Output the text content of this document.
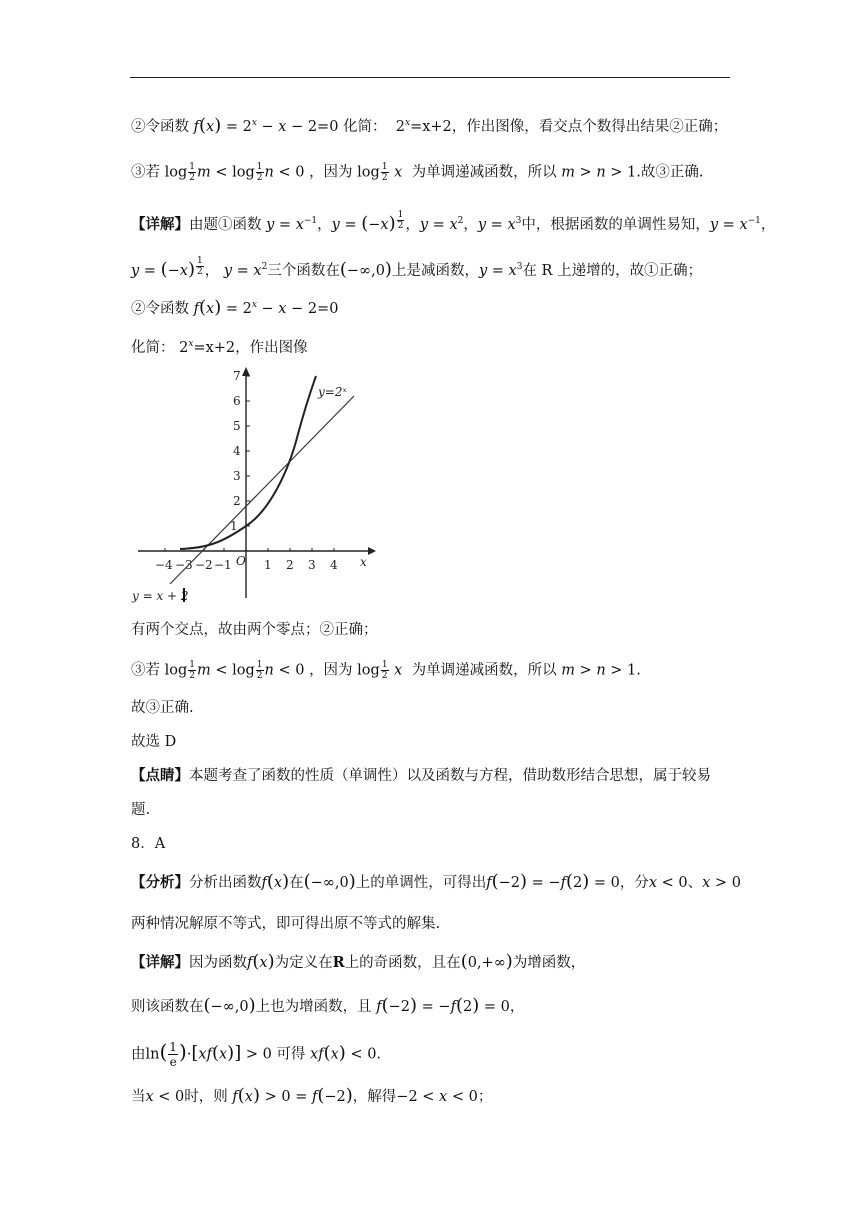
②令函数 $f(x) = 2^x - x - 2=0$ 化简：  $2^x=x+2$，作出图像，看交点个数得出结果②正确；
③若 $\log \frac{1}{2}$ $m < \log \frac{1}{2}$ n < 0 ，因为 $\log \frac{1}{2}$ x 为单调递减函数，所以 m > n > 1.故③正确.
【详解】由题①函数 $y = x^{-1}$，y = (−x) $^{\frac{1}{2}}$ ，$y = x^2$，$y = x^3$中，根据函数的单调性易知，$y = x^{-1}$，
y = (−x) $^{\frac{1}{2}}$ ， $y = x^2$三个函数在(−∞,0)上是减函数，$y = x^3$在 R 上递增的，故①正确；
②令函数 $f(x) = 2^x - x - 2=0$
化简： $2^x=x+2$，作出图像
−4 −3 −2 −1	1 2 3 4
1
2
3
4
5
6
7
O	x
y=2ˣ
y = x + 2
有两个交点，故由两个零点；②正确；
③若 $\log \frac{1}{2}$ $m < \log \frac{1}{2}$ n < 0 ，因为 $\log \frac{1}{2}$ x 为单调递减函数，所以 m > n > 1.
故③正确.
故选 D
【点睛】本题考查了函数的性质（单调性）以及函数与方程，借助数形结合思想，属于较易
题.
8．A
【分析】分析出函数f(x)在(−∞,0)上的单调性，可得出f(−2) = −f(2) = 0，分x < 0、x > 0
两种情况解原不等式，即可得出原不等式的解集.
【详解】因为函数f(x)为定义在R上的奇函数，且在(0,+∞)为增函数，
则该函数在(−∞,0)上也为增函数，且 f(−2) = −f(2) = 0，
由$\ln( \frac{1}{e} )\cdot[xf(x)] > 0$ 可得 xf(x) < 0.
当x < 0时，则 f(x) > 0 = f(−2)，解得−2 < x < 0；
